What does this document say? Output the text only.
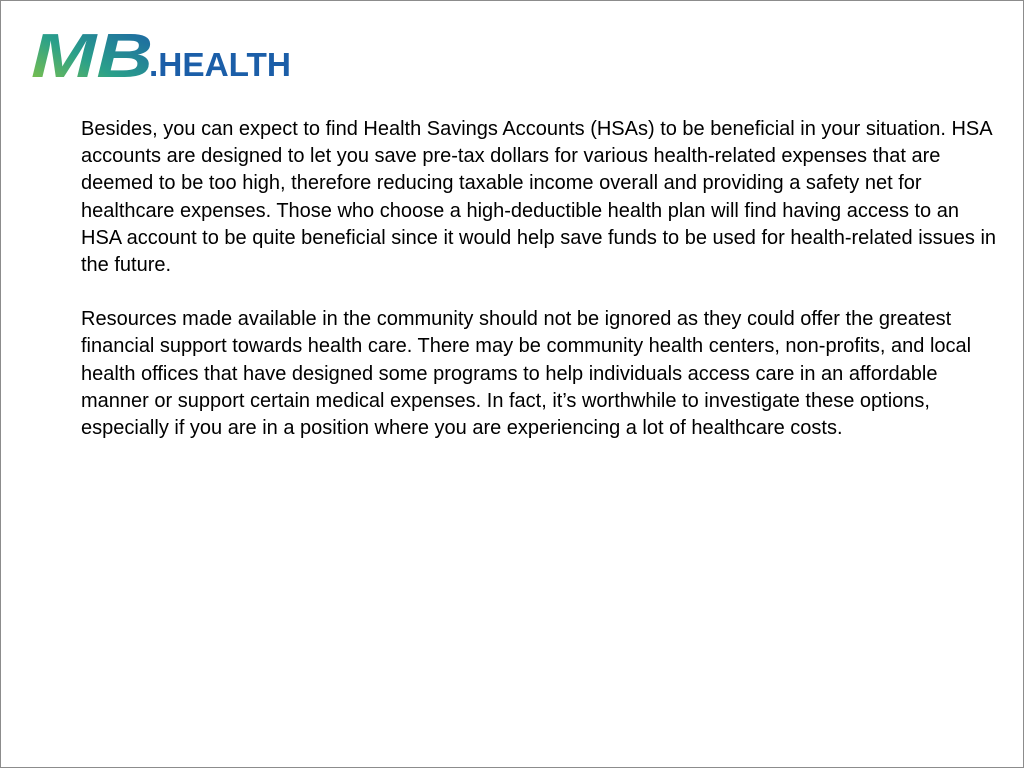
MB
.HEALTH

Besides, you can expect to find Health Savings Accounts (HSAs) to be beneficial in your situation. HSA accounts are designed to let you save pre-tax dollars for various health-related expenses that are deemed to be too high, therefore reducing taxable income overall and providing a safety net for healthcare expenses. Those who choose a high-deductible health plan will find having access to an HSA account to be quite beneficial since it would help save funds to be used for health-related issues in the future.

Resources made available in the community should not be ignored as they could offer the greatest financial support towards health care. There may be community health centers, non-profits, and local health offices that have designed some programs to help individuals access care in an affordable manner or support certain medical expenses. In fact, it’s worthwhile to investigate these options, especially if you are in a position where you are experiencing a lot of healthcare costs.
